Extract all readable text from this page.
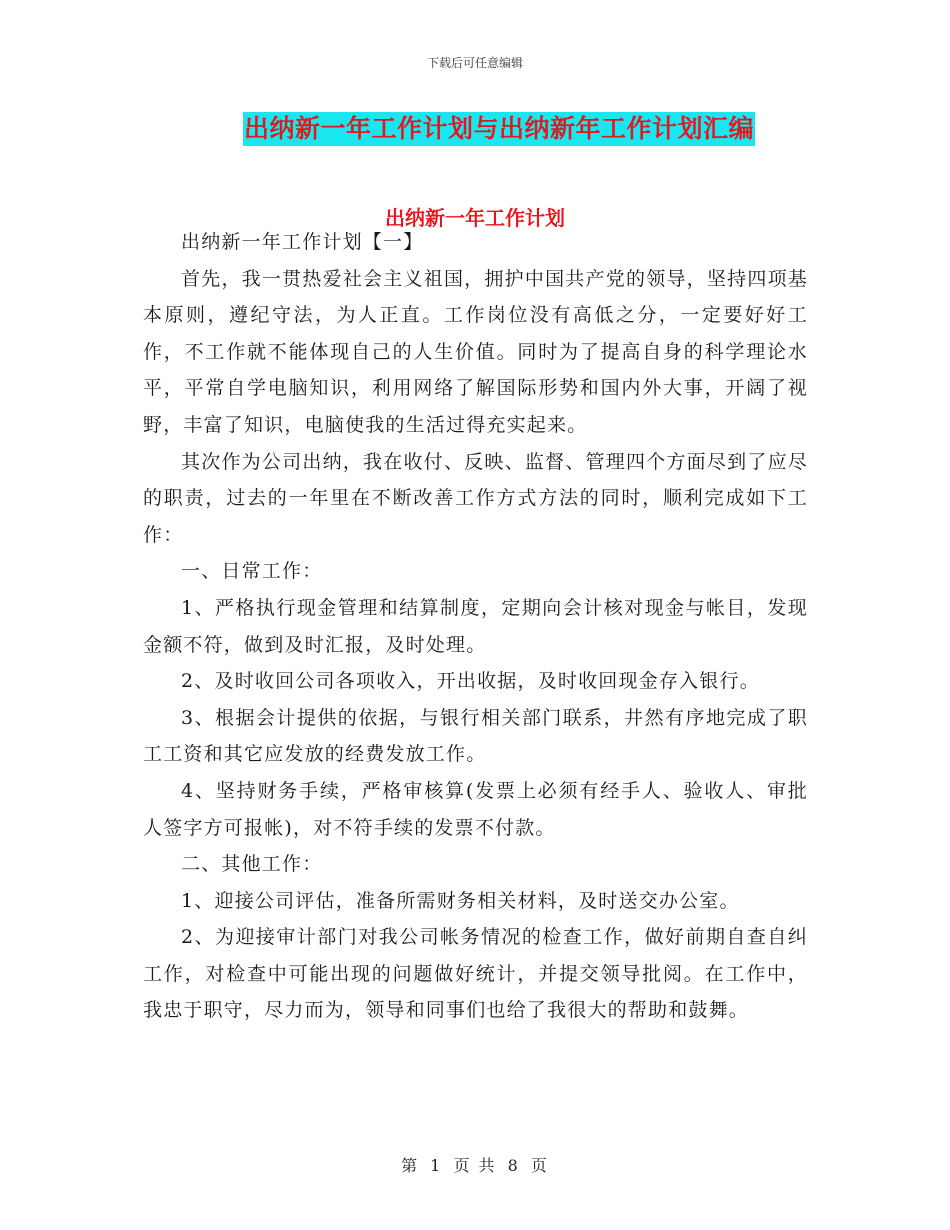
下载后可任意编辑
出纳新一年工作计划与出纳新年工作计划汇编
出纳新一年工作计划

出纳新一年工作计划【一】

首先，我一贯热爱社会主义祖国，拥护中国共产党的领导，坚持四项基本原则，遵纪守法，为人正直。工作岗位没有高低之分，一定要好好工作，不工作就不能体现自己的人生价值。同时为了提高自身的科学理论水平，平常自学电脑知识，利用网络了解国际形势和国内外大事，开阔了视野，丰富了知识，电脑使我的生活过得充实起来。

其次作为公司出纳，我在收付、反映、监督、管理四个方面尽到了应尽的职责，过去的一年里在不断改善工作方式方法的同时，顺利完成如下工作：

一、日常工作：

1、严格执行现金管理和结算制度，定期向会计核对现金与帐目，发现金额不符，做到及时汇报，及时处理。

2、及时收回公司各项收入，开出收据，及时收回现金存入银行。

3、根据会计提供的依据，与银行相关部门联系，井然有序地完成了职工工资和其它应发放的经费发放工作。

4、坚持财务手续，严格审核算(发票上必须有经手人、验收人、审批人签字方可报帐)，对不符手续的发票不付款。

二、其他工作：

1、迎接公司评估，准备所需财务相关材料，及时送交办公室。

2、为迎接审计部门对我公司帐务情况的检查工作，做好前期自查自纠工作，对检查中可能出现的问题做好统计，并提交领导批阅。在工作中，我忠于职守，尽力而为，领导和同事们也给了我很大的帮助和鼓舞。

第 1 页 共 8 页
